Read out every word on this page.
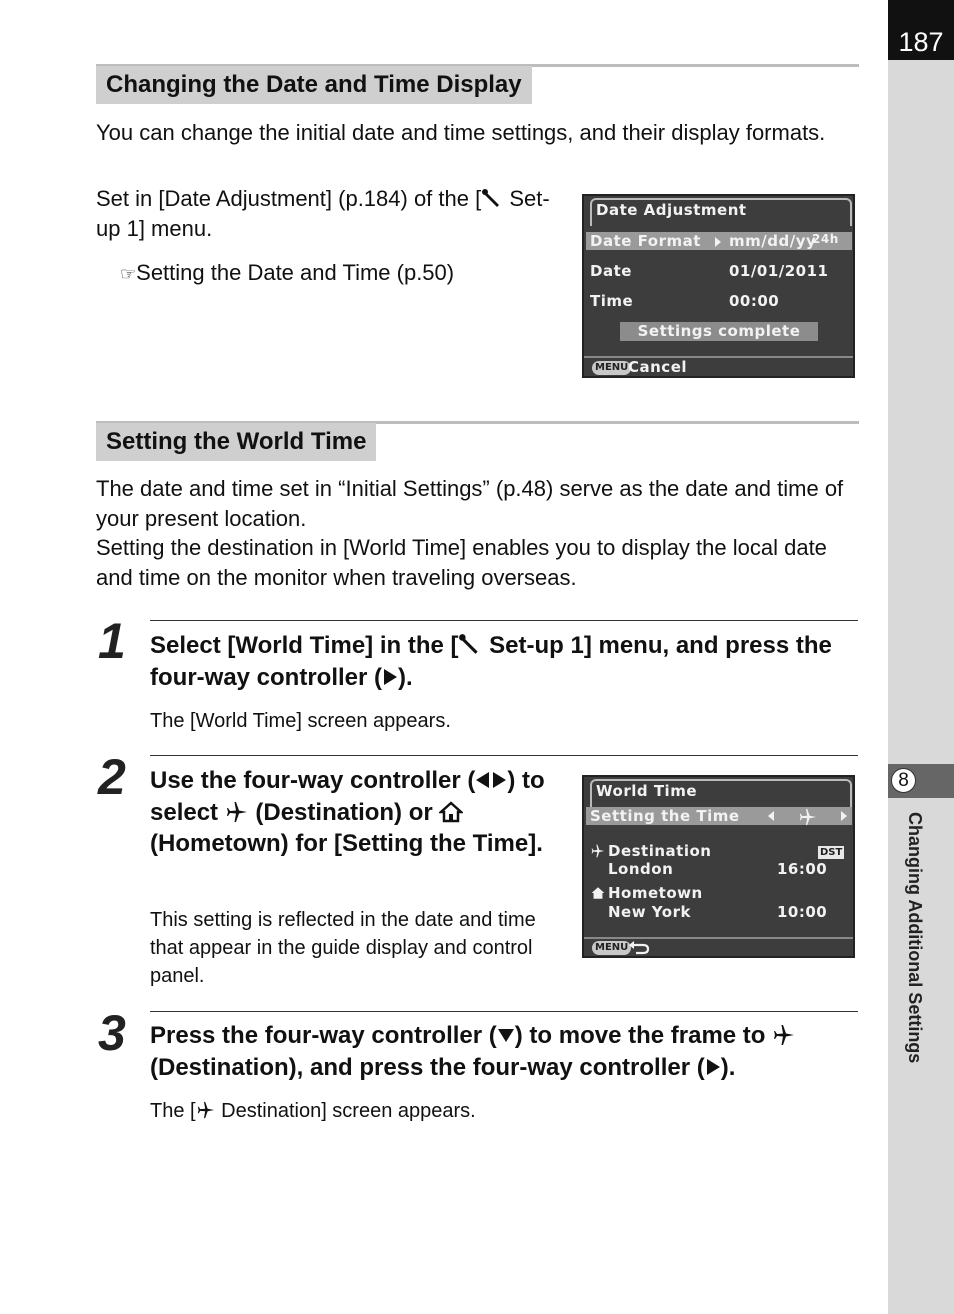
187
8
Changing Additional Settings
Changing the Date and Time Display
You can change the initial date and time settings, and their display formats.
Set in [Date Adjustment] (p.184) of the [ Set-up 1] menu.
☞Setting the Date and Time (p.50)
Date Adjustment
Date Format mm/dd/yy
24h
Date	01/01/2011
Time	00:00
Settings complete
MENU Cancel
Setting the World Time
The date and time set in “Initial Settings” (p.48) serve as the date and time of your present location.
Setting the destination in [World Time] enables you to display the local date and time on the monitor when traveling overseas.
1 Select [World Time] in the [ Set-up 1] menu, and press the four-way controller ( ).
The [World Time] screen appears.
2 Use the four-way controller ( ) to select  (Destination) or  (Hometown) for [Setting the Time].
This setting is reflected in the date and time that appear in the guide display and control panel.
World Time
Setting the Time
Destination	DST
London	16:00
Hometown
New York	10:00
MENU
3 Press the four-way controller ( ) to move the frame to
(Destination), and press the four-way controller ( ).
The [ Destination] screen appears.
